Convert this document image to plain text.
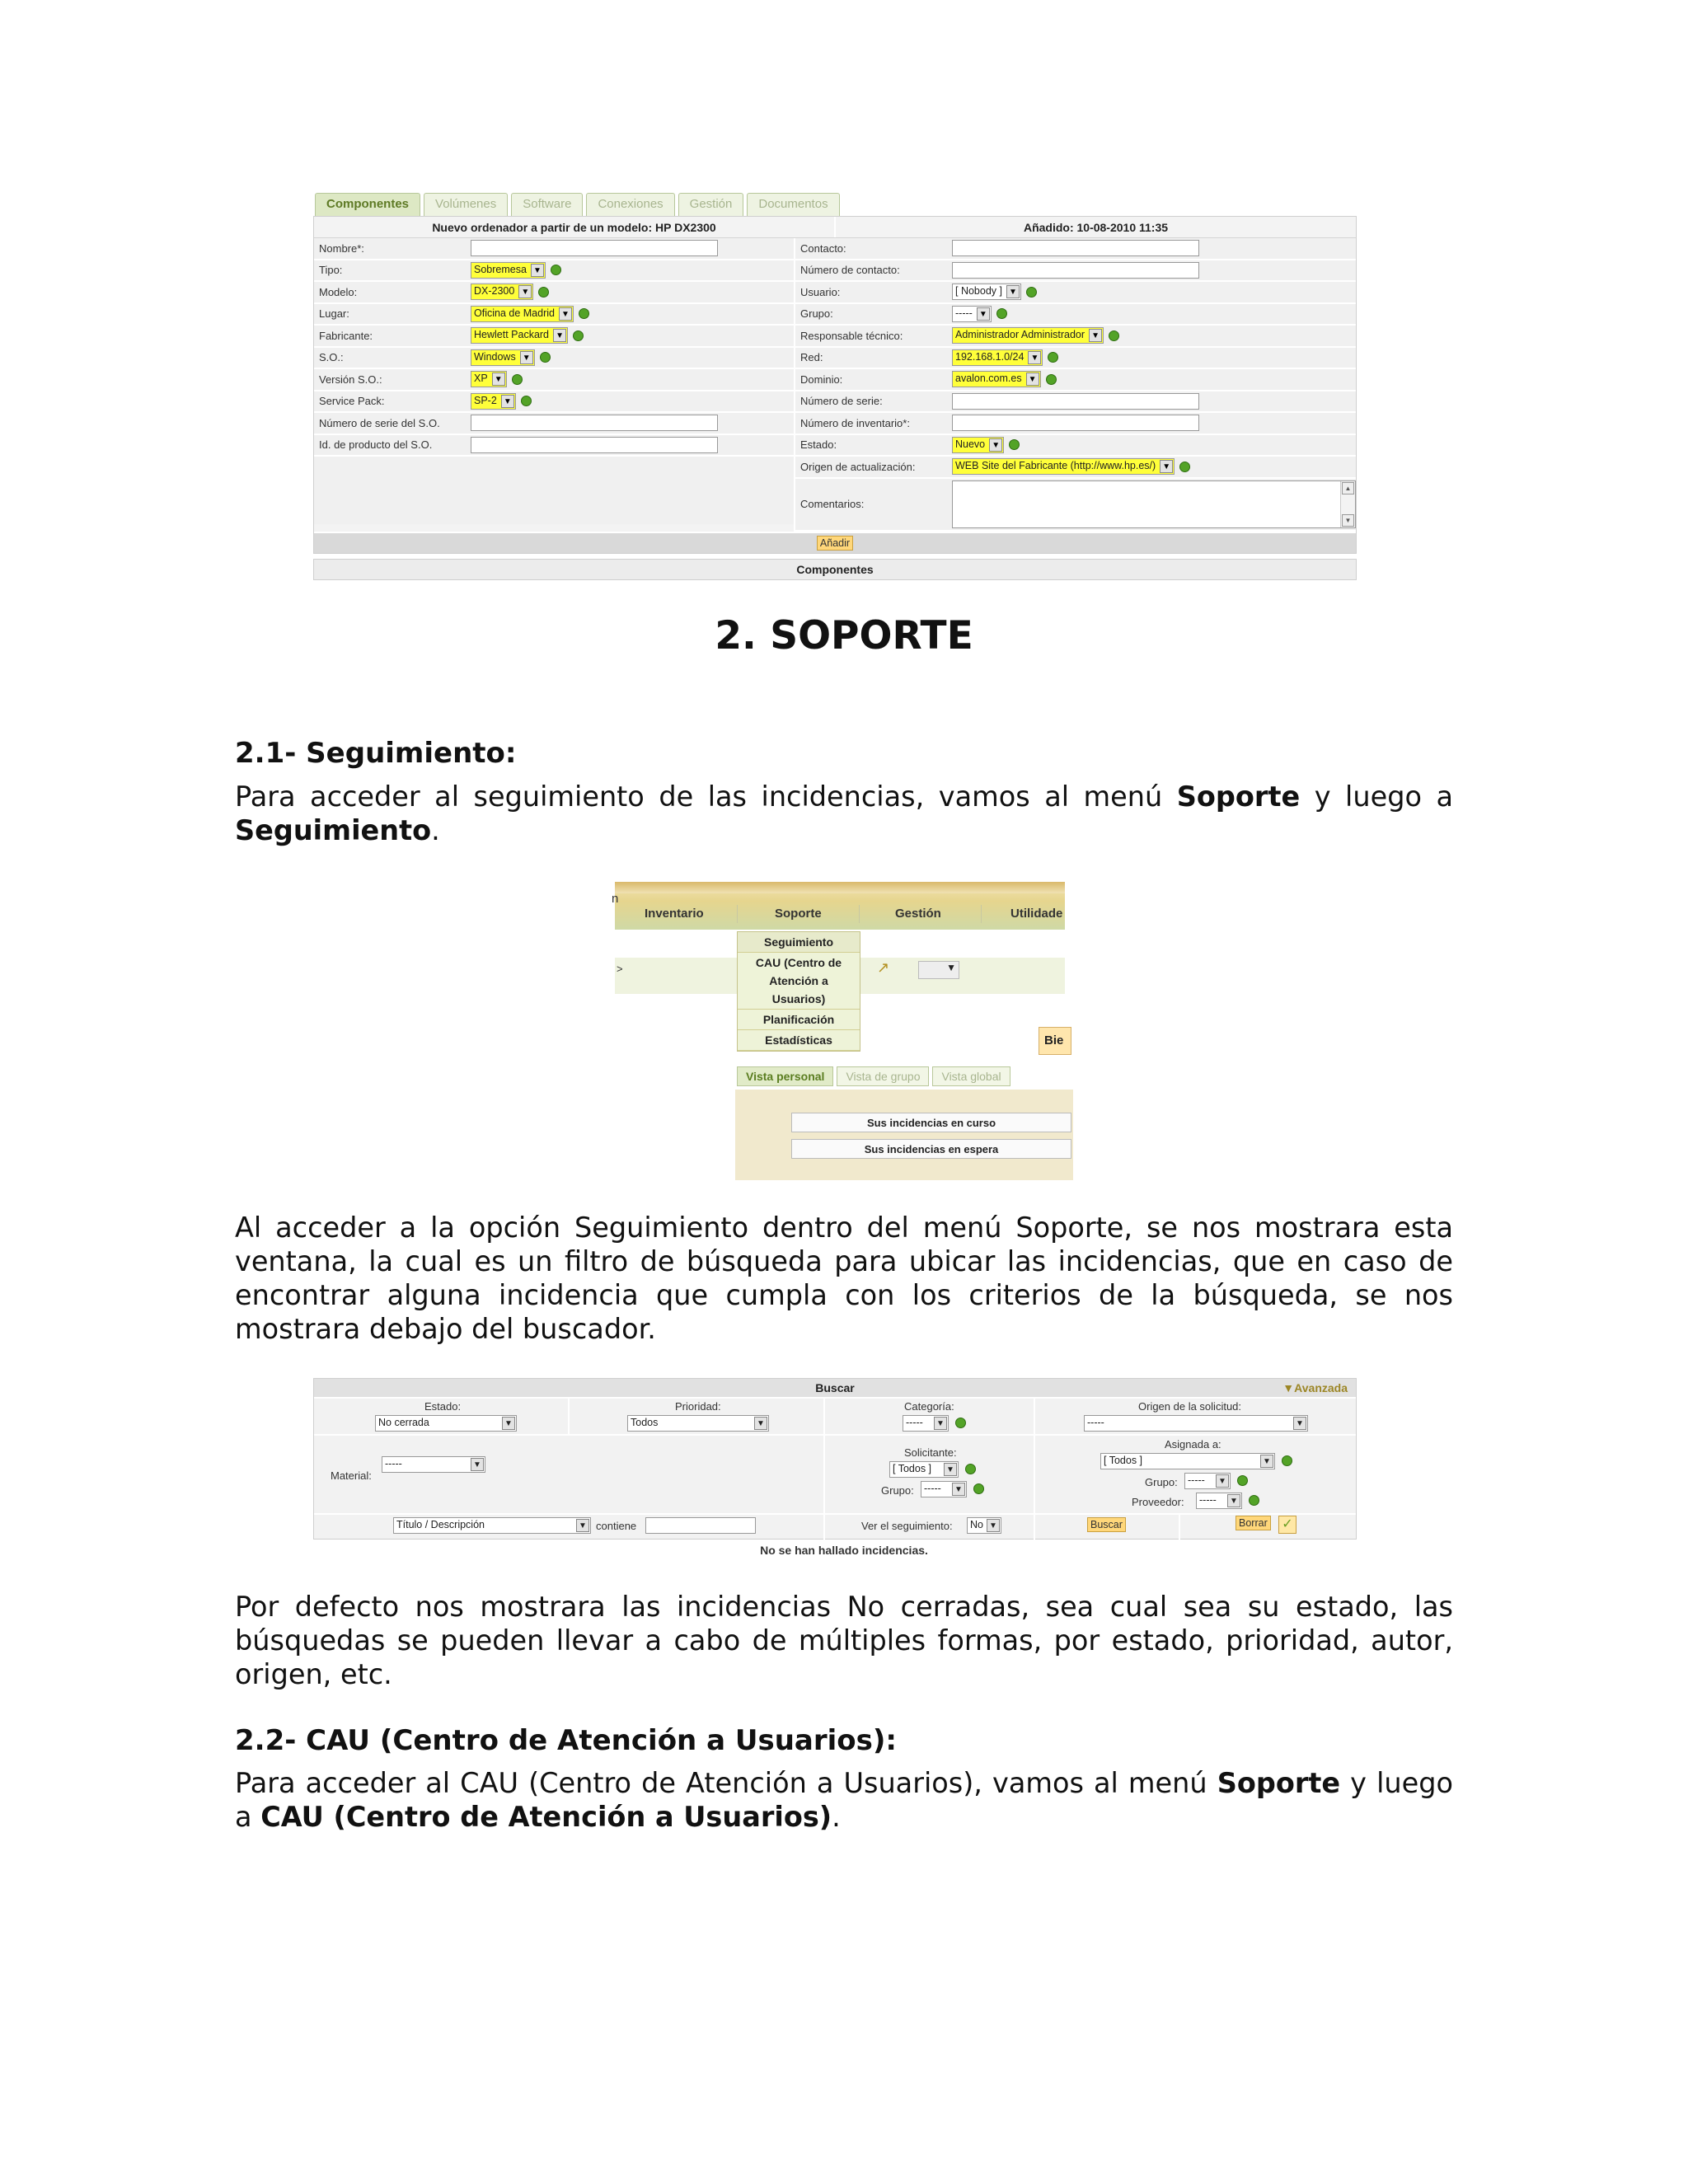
Componentes	Volúmenes	Software	Conexiones	Gestión	Documentos
Nuevo ordenador a partir de un modelo: HP DX2300	Añadido: 10-08-2010 11:35
Nombre*:
Tipo:	Sobremesa ▼
Modelo:	DX-2300 ▼
Lugar:	Oficina de Madrid ▼
Fabricante:	Hewlett Packard ▼
S.O.:	Windows ▼
Versión S.O.:	XP ▼
Service Pack:	SP-2 ▼
Número de serie del S.O.
Id. de producto del S.O.
Contacto:
Número de contacto:
Usuario:	[ Nobody ] ▼
Grupo:	----- ▼
Responsable técnico:	Administrador Administrador ▼
Red:	192.168.1.0/24 ▼
Dominio:	avalon.com.es ▼
Número de serie:
Número de inventario*:
Estado:	Nuevo ▼
Origen de actualización:	WEB Site del Fabricante (http://www.hp.es/) ▼
Comentarios:
▲
▼
Añadir
Componentes
2. SOPORTE
2.1- Seguimiento:
Para acceder al seguimiento de las incidencias, vamos al menú Soporte y luego a Seguimiento.
n
Inventario	Soporte	Gestión	Utilidade
>	↗	▼
Bie
Seguimiento
CAU (Centro de
Atención a
Usuarios)
Planificación
Estadísticas
Vista personal	Vista de grupo	Vista global
Sus incidencias en curso
Sus incidencias en espera
Al acceder a la opción Seguimiento dentro del menú Soporte, se nos mostrara esta ventana, la cual es un filtro de búsqueda para ubicar las incidencias, que en caso de encontrar alguna incidencia que cumpla con los criterios de la búsqueda, se nos mostrara debajo del buscador.
Buscar	▼Avanzada
Estado:
No cerrada	▼
Prioridad:
Todos	▼
Categoría:
-----	▼
Origen de la solicitud:
-----	▼
Material:
-----	▼
Solicitante:
[ Todos ]	▼
Grupo: -----	▼
Asignada a:
[ Todos ]	▼
Grupo: -----	▼
Proveedor:	-----	▼
Título / Descripción	▼ contiene	Ver el seguimiento:	No ▼	Buscar	Borrar ✓
No se han hallado incidencias.
Por defecto nos mostrara las incidencias No cerradas, sea cual sea su estado, las búsquedas se pueden llevar a cabo de múltiples formas, por estado, prioridad, autor, origen, etc.
2.2- CAU (Centro de Atención a Usuarios):
Para acceder al CAU (Centro de Atención a Usuarios), vamos al menú Soporte y luego a CAU (Centro de Atención a Usuarios).
